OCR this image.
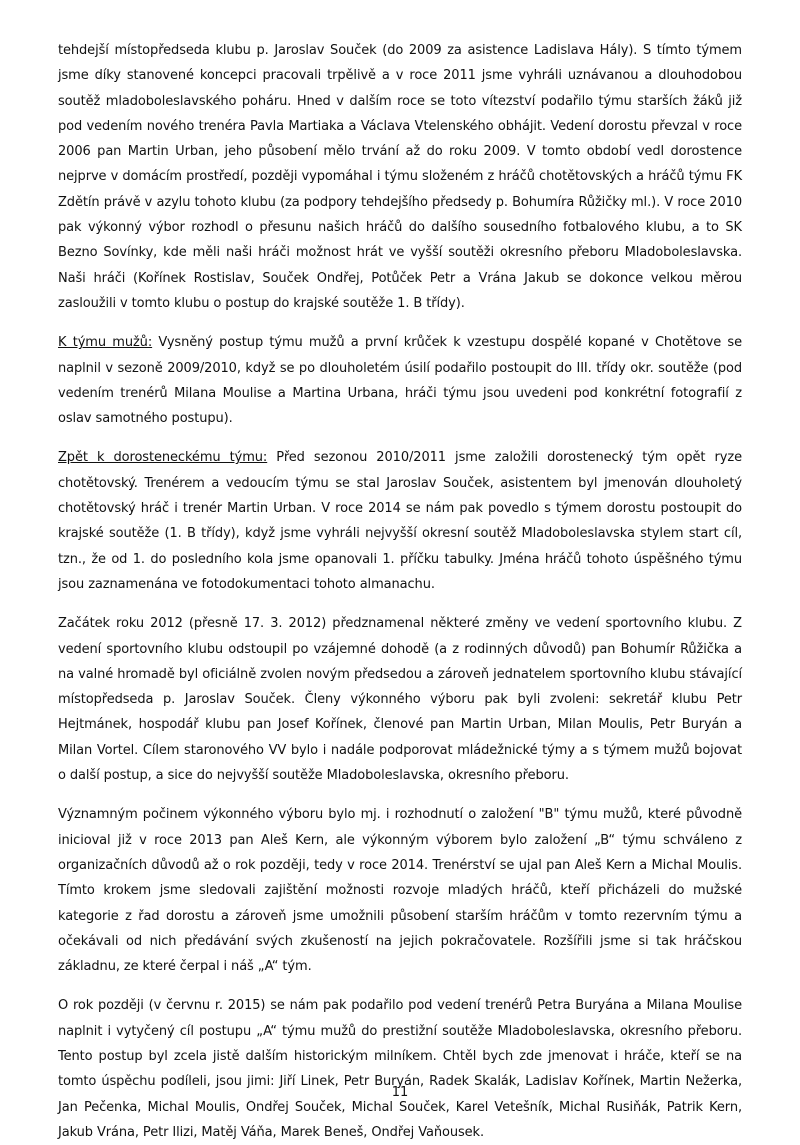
tehdejší místopředseda klubu p. Jaroslav Souček (do 2009 za asistence Ladislava Hály). S tímto týmem jsme díky stanovené koncepci pracovali trpělivě a v roce 2011 jsme vyhráli uznávanou a dlouhodobou soutěž mladoboleslavského poháru. Hned v dalším roce se toto vítezství podařilo týmu starších žáků již pod vedením nového trenéra Pavla Martiaka a Václava Vtelenského obhájit. Vedení dorostu převzal v roce 2006 pan Martin Urban, jeho působení mělo trvání až do roku 2009. V tomto období vedl dorostence nejprve v domácím prostředí, později vypomáhal i týmu složeném z hráčů chotětovských a hráčů týmu FK Zdětín právě v azylu tohoto klubu (za podpory tehdejšího předsedy p. Bohumíra Růžičky ml.). V roce 2010 pak výkonný výbor rozhodl o přesunu našich hráčů do dalšího sousedního fotbalového klubu, a to SK Bezno Sovínky, kde měli naši hráči možnost hrát ve vyšší soutěži okresního přeboru Mladoboleslavska. Naši hráči (Kořínek Rostislav, Souček Ondřej, Potůček Petr a Vrána Jakub se dokonce velkou měrou zasloužili v tomto klubu o postup do krajské soutěže 1. B třídy).

K týmu mužů: Vysněný postup týmu mužů a první krůček k vzestupu dospělé kopané v Chotětove se naplnil v sezoně 2009/2010, když se po dlouholetém úsilí podařilo postoupit do III. třídy okr. soutěže (pod vedením trenérů Milana Moulise a Martina Urbana, hráči týmu jsou uvedeni pod konkrétní fotografií z oslav samotného postupu).

Zpět k dorosteneckému týmu: Před sezonou 2010/2011 jsme založili dorostenecký tým opět ryze chotětovský. Trenérem a vedoucím týmu se stal Jaroslav Souček, asistentem byl jmenován dlouholetý chotětovský hráč i trenér Martin Urban. V roce 2014 se nám pak povedlo s týmem dorostu postoupit do krajské soutěže (1. B třídy), když jsme vyhráli nejvyšší okresní soutěž Mladoboleslavska stylem start cíl, tzn., že od 1. do posledního kola jsme opanovali 1. příčku tabulky. Jména hráčů tohoto úspěšného týmu jsou zaznamenána ve fotodokumentaci tohoto almanachu.

Začátek roku 2012 (přesně 17. 3. 2012) předznamenal některé změny ve vedení sportovního klubu. Z vedení sportovního klubu odstoupil po vzájemné dohodě (a z rodinných důvodů) pan Bohumír Růžička a na valné hromadě byl oficiálně zvolen novým předsedou a zároveň jednatelem sportovního klubu stávající místopředseda p. Jaroslav Souček. Členy výkonného výboru pak byli zvoleni: sekretář klubu Petr Hejtmánek, hospodář klubu pan Josef Kořínek, členové pan Martin Urban, Milan Moulis, Petr Buryán a Milan Vortel. Cílem staronového VV bylo i nadále podporovat mládežnické týmy a s týmem mužů bojovat o další postup, a sice do nejvyšší soutěže Mladoboleslavska, okresního přeboru.

Významným počinem výkonného výboru bylo mj. i rozhodnutí o založení "B" týmu mužů, které původně inicioval již v roce 2013 pan Aleš Kern, ale výkonným výborem bylo založení „B“ týmu schváleno z organizačních důvodů až o rok později, tedy v roce 2014. Trenérství se ujal pan Aleš Kern a Michal Moulis. Tímto krokem jsme sledovali zajištění možnosti rozvoje mladých hráčů, kteří přicházeli do mužské kategorie z řad dorostu a zároveň jsme umožnili působení starším hráčům v tomto rezervním týmu a očekávali od nich předávání svých zkušeností na jejich pokračovatele. Rozšířili jsme si tak hráčskou základnu, ze které čerpal i náš „A“ tým.

O rok později (v červnu r. 2015) se nám pak podařilo pod vedení trenérů Petra Buryána a Milana Moulise naplnit i vytyčený cíl postupu „A“ týmu mužů do prestižní soutěže Mladoboleslavska, okresního přeboru. Tento postup byl zcela jistě dalším historickým milníkem. Chtěl bych zde jmenovat i hráče, kteří se na tomto úspěchu podíleli, jsou jimi: Jiří Linek, Petr Buryán, Radek Skalák, Ladislav Kořínek, Martin Nežerka, Jan Pečenka, Michal Moulis, Ondřej Souček, Michal Souček, Karel Vetešník, Michal Rusiňák, Patrik Kern, Jakub Vrána, Petr Ilizi, Matěj Váňa, Marek Beneš, Ondřej Vaňousek.

11
